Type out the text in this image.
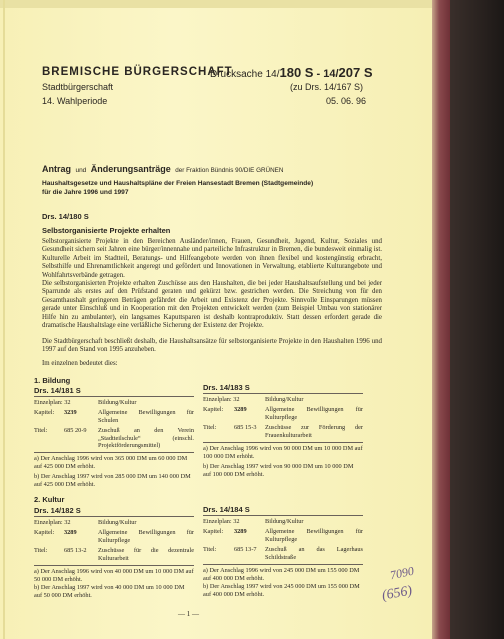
BREMISCHE BÜRGERSCHAFT
Stadtbürgerschaft
14. Wahlperiode
Drucksache 14/180 S - 14/207 S
(zu Drs. 14/167 S)
05. 06. 96
Antrag und Änderungsanträge der Fraktion Bündnis 90/DIE GRÜNEN
Haushaltsgesetze und Haushaltspläne der Freien Hansestadt Bremen (Stadtgemeinde)
für die Jahre 1996 und 1997
Drs. 14/180 S
Selbstorganisierte Projekte erhalten
Selbstorganisierte Projekte in den Bereichen Ausländer/innen, Frauen, Gesundheit, Jugend, Kultur, Soziales und Gesundheit sichern seit Jahren eine bürger/innennahe und parteiliche Infrastruktur in Bremen, die bundesweit einmalig ist. Kulturelle Arbeit im Stadtteil, Beratungs- und Hilfeangebote werden von ihnen flexibel und kostengünstig erbracht, Selbsthilfe und Ehrenamtlichkeit angeregt und gefördert und Innovationen in Verwaltung, etablierte Kulturangebote und Wohlfahrtsverbände getragen.
Die selbstorganisierten Projekte erhalten Zuschüsse aus den Haushalten, die bei jeder Haushaltsaufstellung und bei jeder Sparrunde als erstes auf den Prüfstand geraten und gekürzt bzw. gestrichen werden. Die Streichung von für den Gesamthaushalt geringeren Beträgen gefährdet die Arbeit und Existenz der Projekte. Sinnvolle Einsparungen müssen gerade unter Einschluß und in Kooperation mit den Projekten entwickelt werden (zum Beispiel Umbau von stationärer Hilfe hin zu ambulanter), ein langsames Kaputtsparen ist deshalb kontraproduktiv. Statt dessen erfordert gerade die dramatische Haushaltslage eine verläßliche Sicherung der Existenz der Projekte.
Die Stadtbürgerschaft beschließt deshalb, die Haushaltsansätze für selbstorganisierte Projekte in den Haushalten 1996 und 1997 auf den Stand von 1995 anzuheben.
Im einzelnen bedeutet dies:
1. Bildung
Drs. 14/181 S
Einzelplan: 32	Bildung/Kultur
Kapitel: 3239	Allgemeine Bewilligungen für Schulen
Titel:	685 20-9 Zuschuß an den Verein „Stadtteilschule“ (einschl. Projektförderungsmittel)
a) Der Anschlag 1996 wird von 365 000 DM um 60 000 DM auf 425 000 DM erhöht.
b) Der Anschlag 1997 wird von 285 000 DM um 140 000 DM auf 425 000 DM erhöht.
2. Kultur
Drs. 14/182 S
Einzelplan: 32	Bildung/Kultur
Kapitel: 3289	Allgemeine Bewilligungen für Kulturpflege
Titel:	685 13-2 Zuschüsse für die dezentrale Kulturarbeit
a) Der Anschlag 1996 wird von 40 000 DM um 10 000 DM auf 50 000 DM erhöht.
b) Der Anschlag 1997 wird von 40 000 DM um 10 000 DM auf 50 000 DM erhöht.
Drs. 14/183 S
Einzelplan: 32	Bildung/Kultur
Kapitel: 3289	Allgemeine Bewilligungen für Kulturpflege
Titel:	685 15-3 Zuschüsse zur Förderung der Frauenkulturarbeit
a) Der Anschlag 1996 wird von 90 000 DM um 10 000 DM auf 100 000 DM erhöht.
b) Der Anschlag 1997 wird von 90 000 DM um 10 000 DM auf 100 000 DM erhöht.
Drs. 14/184 S
Einzelplan: 32	Bildung/Kultur
Kapitel: 3289	Allgemeine Bewilligungen für Kulturpflege
Titel:	685 13-7 Zuschuß an das Lagerhaus Schildstraße
a) Der Anschlag 1996 wird von 245 000 DM um 155 000 DM auf 400 000 DM erhöht.
b) Der Anschlag 1997 wird von 245 000 DM um 155 000 DM auf 400 000 DM erhöht.
— 1 —
7090
(656)
